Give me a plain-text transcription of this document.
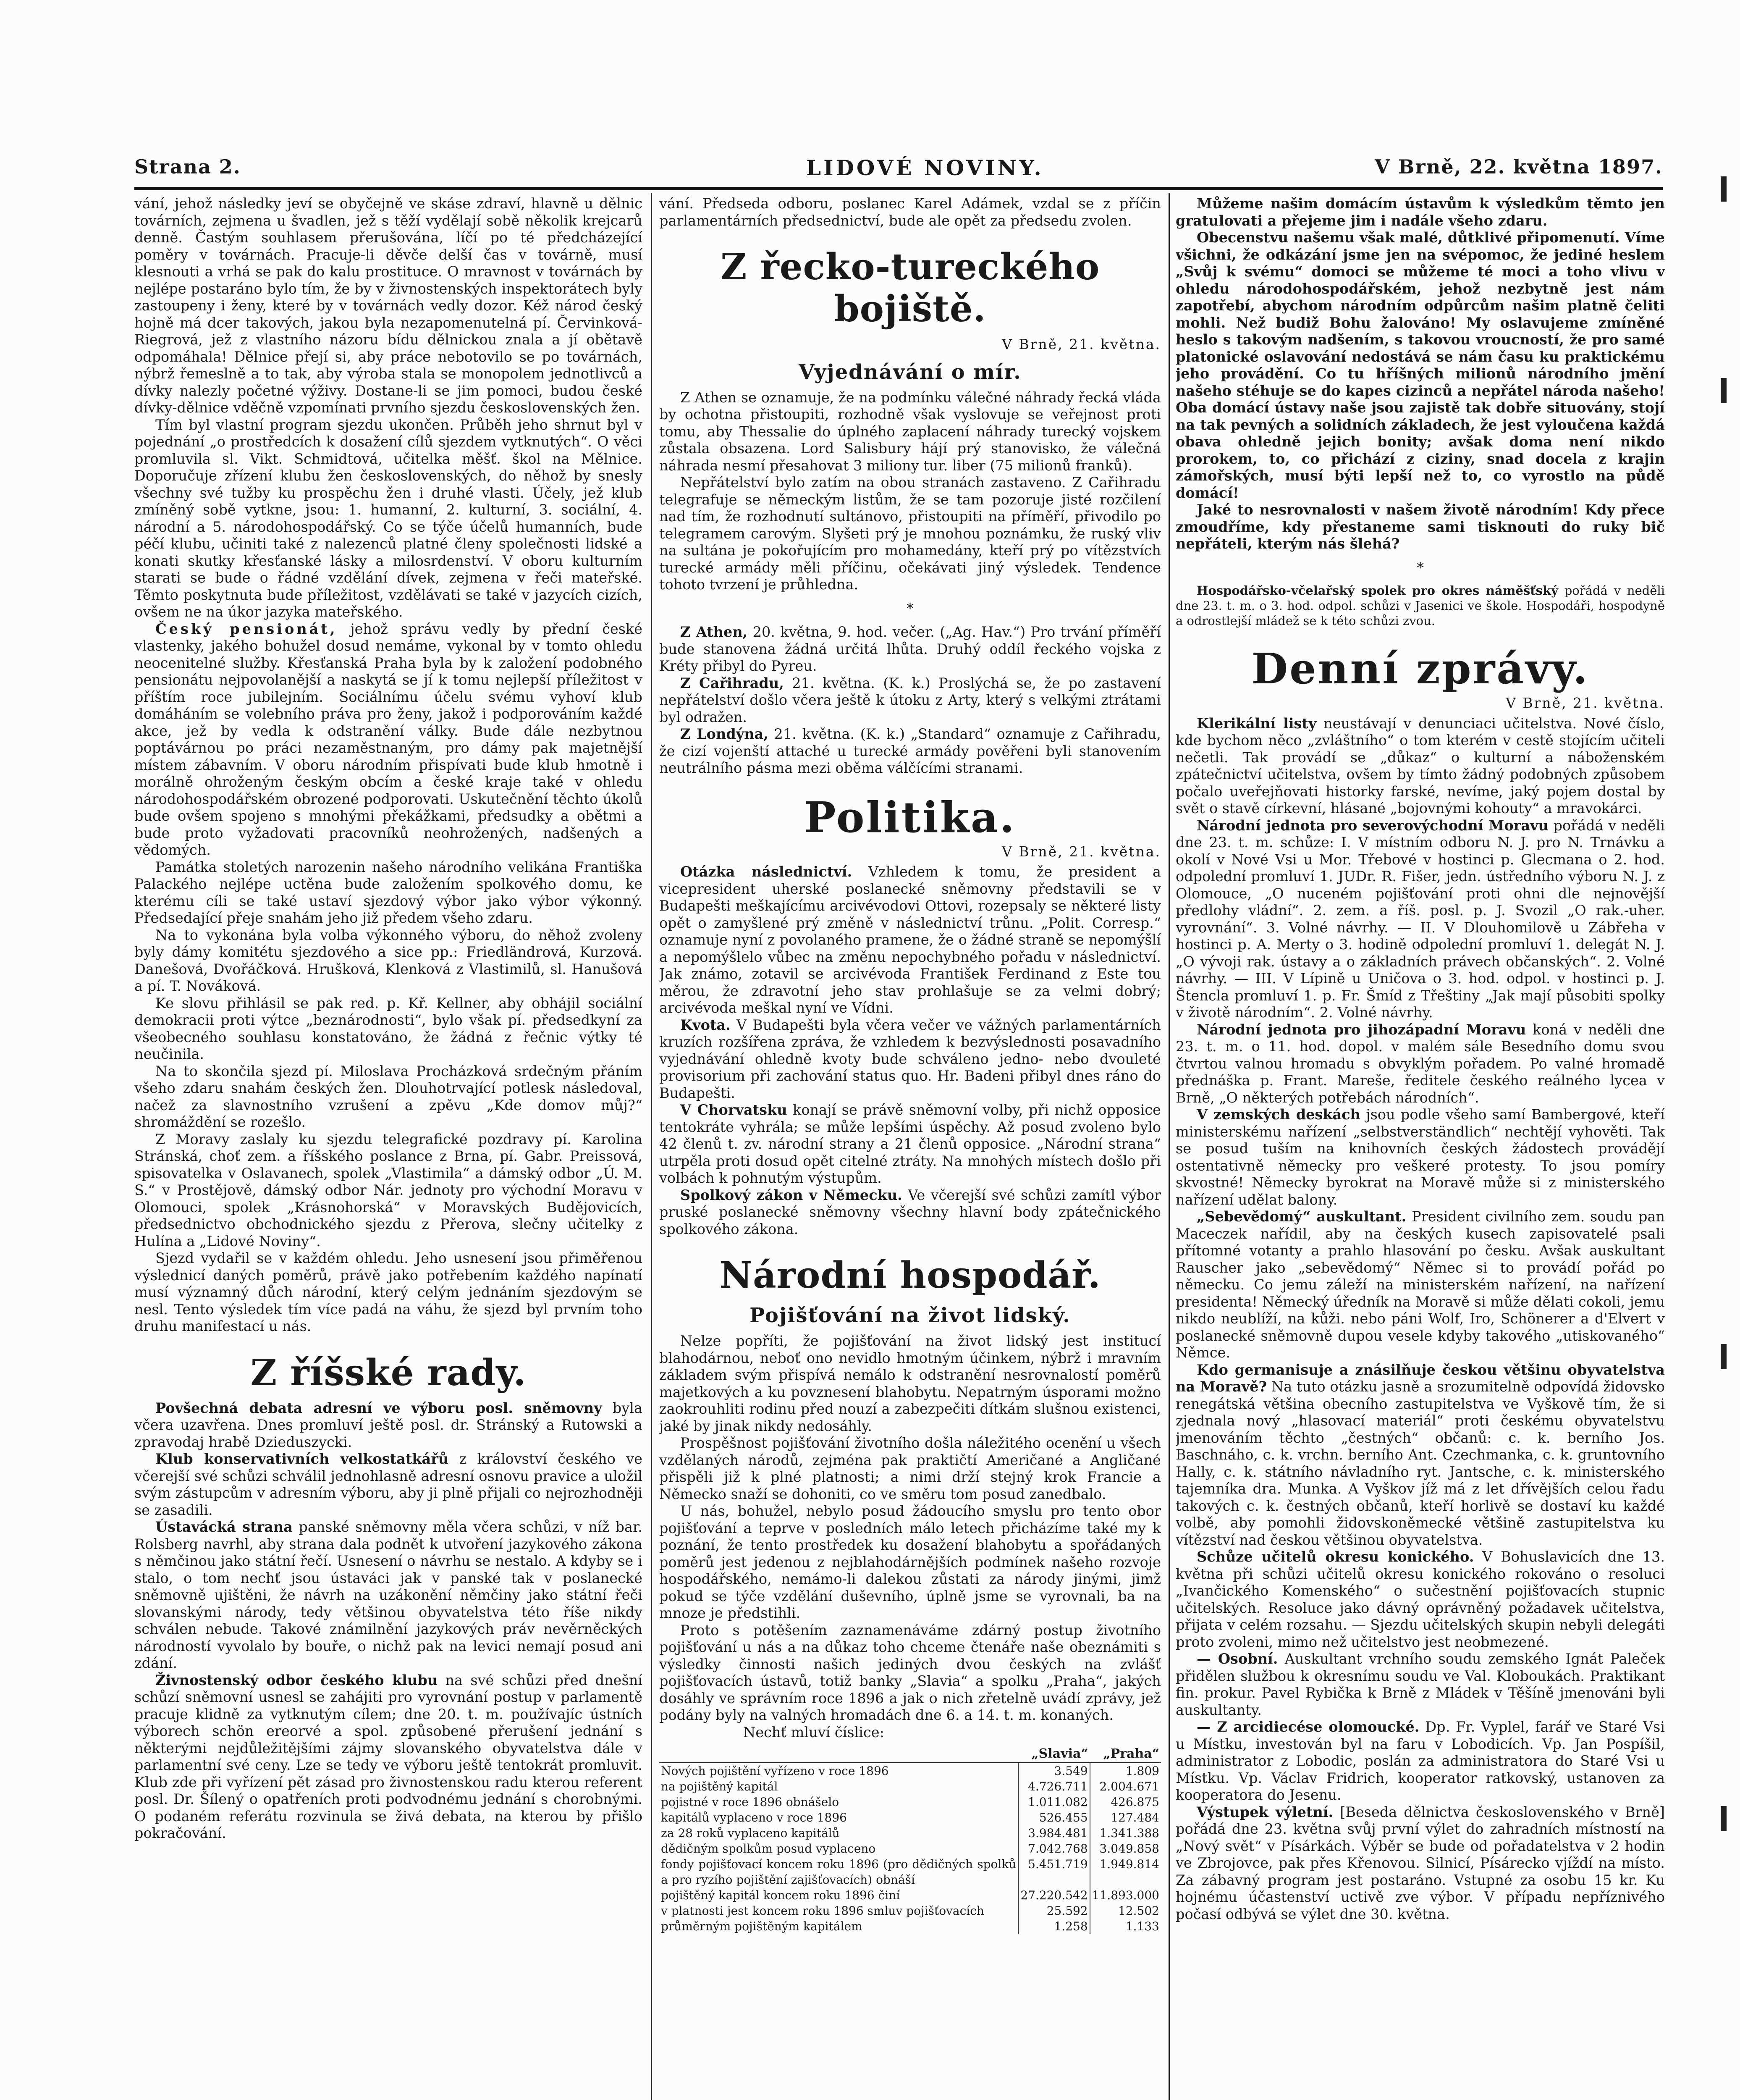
Strana 2.	LIDOVÉ NOVINY.	V Brně, 22. května 1897.

vání, jehož následky jeví se obyčejně ve skáse zdraví, hlavně u dělnic továrních, zejmena u švadlen, jež s těží vydělají sobě několik krejcarů denně. Častým souhlasem přerušována, líčí po té předcházející poměry v továrnách. Pracuje-li děvče delší čas v továrně, musí klesnouti a vrhá se pak do kalu prostituce. O mravnost v továrnách by nejlépe postaráno bylo tím, že by v živnostenských inspektorátech byly zastoupeny i ženy, které by v továrnách vedly dozor. Kéž národ český hojně má dcer takových, jakou byla nezapomenutelná pí. Červinková-Riegrová, jež z vlastního názoru bídu dělnickou znala a jí obětavě odpomáhala! Dělnice přejí si, aby práce nebotovilo se po továrnách, nýbrž řemeslně a to tak, aby výroba stala se monopolem jednotlivců a dívky nalezly početné výživy. Dostane-li se jim pomoci, budou české dívky-dělnice vděčně vzpomínati prvního sjezdu československých žen.

Tím byl vlastní program sjezdu ukončen. Průběh jeho shrnut byl v pojednání „o prostředcích k dosažení cílů sjezdem vytknutých“. O věci promluvila sl. Vikt. Schmidtová, učitelka měšť. škol na Mělnice. Doporučuje zřízení klubu žen československých, do něhož by snesly všechny své tužby ku prospěchu žen i druhé vlasti. Účely, jež klub zmíněný sobě vytkne, jsou: 1. humanní, 2. kulturní, 3. sociální, 4. národní a 5. národohospodářský. Co se týče účelů humanních, bude péčí klubu, učiniti také z nalezenců platné členy společnosti lidské a konati skutky křesťanské lásky a milosrdenství. V oboru kulturním starati se bude o řádné vzdělání dívek, zejmena v řeči mateřské. Těmto poskytnuta bude příležitost, vzdělávati se také v jazycích cizích, ovšem ne na úkor jazyka mateřského.

Český pensionát, jehož správu vedly by přední české vlastenky, jakého bohužel dosud nemáme, vykonal by v tomto ohledu neocenitelné služby. Křesťanská Praha byla by k založení podobného pensionátu nejpovolanější a naskytá se jí k tomu nejlepší příležitost v příštím roce jubilejním. Sociálnímu účelu svému vyhoví klub domáháním se volebního práva pro ženy, jakož i podporováním každé akce, jež by vedla k odstranění války. Bude dále nezbytnou poptávárnou po práci nezaměstnaným, pro dámy pak majetnější místem zábavním. V oboru národním přispívati bude klub hmotně i morálně ohroženým českým obcím a české kraje také v ohledu národohospodářském obrozené podporovati. Uskutečnění těchto úkolů bude ovšem spojeno s mnohými překážkami, předsudky a obětmi a bude proto vyžadovati pracovníků neohrožených, nadšených a vědomých.

Památka stoletých narozenin našeho národního velikána Františka Palackého nejlépe uctěna bude založením spolkového domu, ke kterému cíli se také ustaví sjezdový výbor jako výbor výkonný. Předsedající přeje snahám jeho již předem všeho zdaru.

Na to vykonána byla volba výkonného výboru, do něhož zvoleny byly dámy komitétu sjezdového a sice pp.: Friedländrová, Kurzová. Danešová, Dvořáčková. Hrušková, Klenková z Vlastimilů, sl. Hanušová a pí. T. Nováková.

Ke slovu přihlásil se pak red. p. Kř. Kellner, aby obhájil sociální demokracii proti výtce „beznárodnosti“, bylo však pí. předsedkyní za všeobecného souhlasu konstatováno, že žádná z řečnic výtky té neučinila.

Na to skončila sjezd pí. Miloslava Procházková srdečným přáním všeho zdaru snahám českých žen. Dlouhotrvající potlesk následoval, načež za slavnostního vzrušení a zpěvu „Kde domov můj?“ shromáždění se rozešlo.

Z Moravy zaslaly ku sjezdu telegrafické pozdravy pí. Karolina Stránská, choť zem. a říšského poslance z Brna, pí. Gabr. Preissová, spisovatelka v Oslavanech, spolek „Vlastimila“ a dámský odbor „Ú. M. S.“ v Prostějově, dámský odbor Nár. jednoty pro východní Moravu v Olomouci, spolek „Krásnohorská“ v Moravských Budějovicích, předsednictvo obchodnického sjezdu z Přerova, slečny učitelky z Hulína a „Lidové Noviny“.

Sjezd vydařil se v každém ohledu. Jeho usnesení jsou přiměřenou výslednicí daných poměrů, právě jako potřebením každého napínatí musí významný důch národní, který celým jednáním sjezdovým se nesl. Tento výsledek tím více padá na váhu, že sjezd byl prvním toho druhu manifestací u nás.

Z říšské rady.

Povšechná debata adresní ve výboru posl. sněmovny byla včera uzavřena. Dnes promluví ještě posl. dr. Stránský a Rutowski a zpravodaj hrabě Dzieduszycki.

Klub konservativních velkostatkářů z království českého ve včerejší své schůzi schválil jednohlasně adresní osnovu pravice a uložil svým zástupcům v adresním výboru, aby ji plně přijali co nejrozhodněji se zasadili.

Ústavácká strana panské sněmovny měla včera schůzi, v níž bar. Rolsberg navrhl, aby strana dala podnět k utvoření jazykového zákona s němčinou jako státní řečí. Usnesení o návrhu se nestalo. A kdyby se i stalo, o tom nechť jsou ústaváci jak v panské tak v poslanecké sněmovně ujištěni, že návrh na uzákonění němčiny jako státní řeči slovanskými národy, tedy většinou obyvatelstva této říše nikdy schválen nebude. Takové známilnění jazykových práv nevěrněckých národností vyvolalo by bouře, o nichž pak na levici nemají posud ani zdání.

Živnostenský odbor českého klubu na své schůzi před dnešní schůzí sněmovní usnesl se zahájiti pro vyrovnání postup v parlamentě pracuje klidně za vytknutým cílem; dne 20. t. m. používajíc ústních výborech schön ereorvé a spol. způsobené přerušení jednání s některými nejdůležitějšími zájmy slovanského obyvatelstva dále v parlamentní své ceny. Lze se tedy ve výboru ještě tentokrát promluvit. Klub zde při vyřízení pět zásad pro živnostenskou radu kterou referent posl. Dr. Šílený o opatřeních proti podvodnému jednání s chorobnými. O podaném referátu rozvinula se živá debata, na kterou by přišlo pokračování.

vání. Předseda odboru, poslanec Karel Adámek, vzdal se z příčin parlamentárních předsednictví, bude ale opět za předsedu zvolen.

Z řecko-tureckého bojiště.
V Brně, 21. května.
Vyjednávání o mír.

Z Athen se oznamuje, že na podmínku válečné náhrady řecká vláda by ochotna přistoupiti, rozhodně však vyslovuje se veřejnost proti tomu, aby Thessalie do úplného zaplacení náhrady turecký vojskem zůstala obsazena. Lord Salisbury hájí prý stanovisko, že válečná náhrada nesmí přesahovat 3 miliony tur. liber (75 milionů franků).

Nepřátelství bylo zatím na obou stranách zastaveno. Z Cařihradu telegrafuje se německým listům, že se tam pozoruje jisté rozčilení nad tím, že rozhodnutí sultánovo, přistoupiti na příměří, přivodilo po telegramem carovým. Slyšeti prý je mnohou poznámku, že ruský vliv na sultána je pokořujícím pro mohamedány, kteří prý po vítězstvích turecké armády měli příčinu, očekávati jiný výsledek. Tendence tohoto tvrzení je průhledna.

*

Z Athen, 20. května, 9. hod. večer. („Ag. Hav.“) Pro trvání příměří bude stanovena žádná určitá lhůta. Druhý oddíl řeckého vojska z Kréty přibyl do Pyreu.

Z Cařihradu, 21. května. (K. k.) Proslýchá se, že po zastavení nepřátelství došlo včera ještě k útoku z Arty, který s velkými ztrátami byl odražen.

Z Londýna, 21. května. (K. k.) „Standard“ oznamuje z Cařihradu, že cizí vojenští attaché u turecké armády pověřeni byli stanovením neutrálního pásma mezi oběma válčícími stranami.

Politika.
V Brně, 21. května.

Otázka následnictví. Vzhledem k tomu, že president a vicepresident uherské poslanecké sněmovny představili se v Budapešti meškajícímu arcivévodovi Ottovi, rozepsaly se některé listy opět o zamyšlené prý změně v následnictví trůnu. „Polit. Corresp.“ oznamuje nyní z povolaného pramene, že o žádné straně se nepomýšlí a nepomýšlelo vůbec na změnu nepochybného pořadu v následnictví. Jak známo, zotavil se arcivévoda František Ferdinand z Este tou měrou, že zdravotní jeho stav prohlašuje se za velmi dobrý; arcivévoda meškal nyní ve Vídni.

Kvota. V Budapešti byla včera večer ve vážných parlamentárních kruzích rozšířena zpráva, že vzhledem k bezvýslednosti posavadního vyjednávání ohledně kvoty bude schváleno jedno- nebo dvouleté provisorium při zachování status quo. Hr. Badeni přibyl dnes ráno do Budapešti.

V Chorvatsku konají se právě sněmovní volby, při nichž opposice tentokráte vyhrála; se může lepšími úspěchy. Až posud zvoleno bylo 42 členů t. zv. národní strany a 21 členů opposice. „Národní strana“ utrpěla proti dosud opět citelné ztráty. Na mnohých místech došlo při volbách k pohnutým výstupům.

Spolkový zákon v Německu. Ve včerejší své schůzi zamítl výbor pruské poslanecké sněmovny všechny hlavní body zpátečnického spolkového zákona.

Národní hospodář.
Pojišťování na život lidský.

Nelze popříti, že pojišťování na život lidský jest institucí blahodárnou, neboť ono nevidlo hmotným účinkem, nýbrž i mravním základem svým přispívá nemálo k odstranění nesrovnalostí poměrů majetkových a ku povznesení blahobytu. Nepatrným úsporami možno zaokrouhliti rodinu před nouzí a zabezpečiti dítkám slušnou existenci, jaké by jinak nikdy nedosáhly.

Prospěšnost pojišťování životního došla náležitého ocenění u všech vzdělaných národů, zejména pak praktičtí Američané a Angličané přispěli již k plné platnosti; a nimi drží stejný krok Francie a Německo snaží se dohoniti, co ve směru tom posud zanedbalo.

U nás, bohužel, nebylo posud žádoucího smyslu pro tento obor pojišťování a teprve v posledních málo letech přicházíme také my k poznání, že tento prostředek ku dosažení blahobytu a spořádaných poměrů jest jedenou z nejblahodárnějších podmínek našeho rozvoje hospodářského, nemámo-li dalekou zůstati za národy jinými, jimž pokud se týče vzdělání duševního, úplně jsme se vyrovnali, ba na mnoze je předstihli.

Proto s potěšením zaznamenáváme zdárný postup životního pojišťování u nás a na důkaz toho chceme čtenáře naše obeznámiti s výsledky činnosti našich jediných dvou českých na zvlášť pojišťovacích ústavů, totiž banky „Slavia“ a spolku „Praha“, jakých dosáhly ve správním roce 1896 a jak o nich zřetelně uvádí zprávy, jež podány byly na valných hromadách dne 6. a 14. t. m. konaných.

Nechť mluví číslice:

	„Slavia“	„Praha“
Nových pojištění vyřízeno v roce 1896	3.549	1.809
na pojištěný kapitál	4.726.711	2.004.671
pojistné v roce 1896 obnášelo	1.011.082	426.875
kapitálů vyplaceno v roce 1896	526.455	127.484
za 28 roků vyplaceno kapitálů	3.984.481	1.341.388
dědičným spolkům posud vyplaceno	7.042.768	3.049.858
fondy pojišťovací koncem roku 1896 (pro dědičných spolků a pro ryzího pojištění zajišťovacích) obnáší	5.451.719	1.949.814
pojištěný kapitál koncem roku 1896 činí	27.220.542	11.893.000
v platnosti jest koncem roku 1896 smluv pojišťovacích	25.592	12.502
průměrným pojištěným kapitálem	1.258	1.133

Můžeme našim domácím ústavům k výsledkům těmto jen gratulovati a přejeme jim i nadále všeho zdaru.

Obecenstvu našemu však malé, důtklivé připomenutí. Víme všichni, že odkázání jsme jen na svépomoc, že jediné heslem „Svůj k svému“ domoci se můžeme té moci a toho vlivu v ohledu národohospodářském, jehož nezbytně jest nám zapotřebí, abychom národním odpůrcům našim platně čeliti mohli. Než budiž Bohu žalováno! My oslavujeme zmíněné heslo s takovým nadšením, s takovou vroucností, že pro samé platonické oslavování nedostává se nám času ku praktickému jeho provádění. Co tu hříšných milionů národního jmění našeho stéhuje se do kapes cizinců a nepřátel národa našeho! Oba domácí ústavy naše jsou zajistě tak dobře situovány, stojí na tak pevných a solidních základech, že jest vyloučena každá obava ohledně jejich bonity; avšak doma není nikdo prorokem, to, co přichází z ciziny, snad docela z krajin zámořských, musí býti lepší než to, co vyrostlo na půdě domácí!

Jaké to nesrovnalosti v našem životě národním! Kdy přece zmoudříme, kdy přestaneme sami tisknouti do ruky bič nepřáteli, kterým nás šlehá?

*

Hospodářsko-včelařský spolek pro okres náměšťský pořádá v neděli dne 23. t. m. o 3. hod. odpol. schůzi v Jasenici ve škole. Hospodáři, hospodyně a odrostlejší mládež se k této schůzi zvou.

Denní zprávy.
V Brně, 21. května.

Klerikální listy neustávají v denunciaci učitelstva. Nové číslo, kde bychom něco „zvláštního“ o tom kterém v cestě stojícím učiteli nečetli. Tak provádí se „důkaz“ o kulturní a náboženském zpátečnictví učitelstva, ovšem by tímto žádný podobných způsobem počalo uveřejňovati historky farské, nevíme, jaký pojem dostal by svět o stavě církevní, hlásané „bojovnými kohouty“ a mravokárci.

Národní jednota pro severovýchodní Moravu pořádá v neděli dne 23. t. m. schůze: I. V místním odboru N. J. pro N. Trnávku a okolí v Nové Vsi u Mor. Třebové v hostinci p. Glecmana o 2. hod. odpolední promluví 1. JUDr. R. Fišer, jedn. ústředního výboru N. J. z Olomouce, „O nuceném pojišťování proti ohni dle nejnovější předlohy vládní“. 2. zem. a říš. posl. p. J. Svozil „O rak.-uher. vyrovnání“. 3. Volné návrhy. — II. V Dlouhomilově u Zábřeha v hostinci p. A. Merty o 3. hodině odpolední promluví 1. delegát N. J. „O vývoji rak. ústavy a o základních právech občanských“. 2. Volné návrhy. — III. V Lípině u Uničova o 3. hod. odpol. v hostinci p. J. Štencla promluví 1. p. Fr. Šmíd z Třeštiny „Jak mají působiti spolky v životě národním“. 2. Volné návrhy.

Národní jednota pro jihozápadní Moravu koná v neděli dne 23. t. m. o 11. hod. dopol. v malém sále Besedního domu svou čtvrtou valnou hromadu s obvyklým pořadem. Po valné hromadě přednáška p. Frant. Mareše, ředitele českého reálného lycea v Brně, „O některých potřebách národních“.

V zemských deskách jsou podle všeho samí Bambergové, kteří ministerskému nařízení „selbstverständlich“ nechtějí vyhověti. Tak se posud tuším na knihovních českých žádostech provádějí ostentativně německy pro veškeré protesty. To jsou pomíry skvostné! Německy byrokrat na Moravě může si z ministerského nařízení udělat balony.

„Sebevědomý“ auskultant. President civilního zem. soudu pan Maceczek nařídil, aby na českých kusech zapisovatelé psali přítomné votanty a prahlo hlasování po česku. Avšak auskultant Rauscher jako „sebevědomý“ Němec si to provádí pořád po německu. Co jemu záleží na ministerském nařízení, na nařízení presidenta! Německý úředník na Moravě si může dělati cokoli, jemu nikdo neublíží, na kůži. nebo páni Wolf, Iro, Schönerer a d'Elvert v poslanecké sněmovně dupou vesele kdyby takového „utiskovaného“ Němce.

Kdo germanisuje a znásilňuje českou většinu obyvatelstva na Moravě? Na tuto otázku jasně a srozumitelně odpovídá židovsko renegátská většina obecního zastupitelstva ve Vyškově tím, že si zjednala nový „hlasovací materiál“ proti českému obyvatelstvu jmenováním těchto „čestných“ občanů: c. k. berního Jos. Baschnáho, c. k. vrchn. berního Ant. Czechmanka, c. k. gruntovního Hally, c. k. státního návladního ryt. Jantsche, c. k. ministerského tajemníka dra. Munka. A Vyškov jíž má z let dřívějších celou řadu takových c. k. čestných občanů, kteří horlivě se dostaví ku každé volbě, aby pomohli židovskoněmecké většině zastupitelstva ku vítězství nad českou většinou obyvatelstva.

Schůze učitelů okresu konického. V Bohuslavicích dne 13. května při schůzi učitelů okresu konického rokováno o resoluci „Ivančického Komenského“ o sučestnění pojišťovacích stupnic učitelských. Resoluce jako dávný oprávněný požadavek učitelstva, přijata v celém rozsahu. — Sjezdu učitelských skupin nebyli delegáti proto zvoleni, mimo než učitelstvo jest neobmezené.

— Osobní. Auskultant vrchního soudu zemského Ignát Paleček přidělen službou k okresnímu soudu ve Val. Kloboukách. Praktikant fin. prokur. Pavel Rybička k Brně z Mládek v Těšíně jmenováni byli auskultanty.

— Z arcidiecése olomoucké. Dp. Fr. Vyplel, farář ve Staré Vsi u Místku, investován byl na faru v Lobodicích. Vp. Jan Pospíšil, administrator z Lobodic, poslán za administratora do Staré Vsi u Místku. Vp. Václav Fridrich, kooperator ratkovský, ustanoven za kooperatora do Jesenu.

Výstupek výletní. [Beseda dělnictva československého v Brně] pořádá dne 23. května svůj první výlet do zahradních místností na „Nový svět“ v Písárkách. Výběr se bude od pořadatelstva v 2 hodin ve Zbrojovce, pak přes Křenovou. Silnicí, Písárecko vjíždí na místo. Za zábavný program jest postaráno. Vstupné za osobu 15 kr. Ku hojnému účastenství uctivě zve výbor. V případu nepříznivého počasí odbývá se výlet dne 30. května.
